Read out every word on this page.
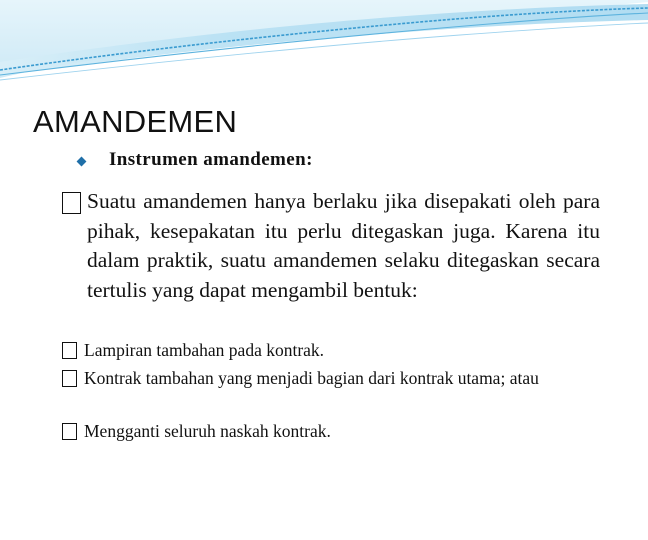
AMANDEMEN
Instrumen amandemen:
Suatu amandemen hanya berlaku jika disepakati oleh para pihak, kesepakatan itu perlu ditegaskan juga. Karena itu dalam praktik, suatu amandemen selaku ditegaskan secara tertulis yang dapat mengambil bentuk:
Lampiran tambahan pada kontrak.
Kontrak tambahan yang menjadi bagian dari kontrak utama; atau
Mengganti seluruh naskah kontrak.
